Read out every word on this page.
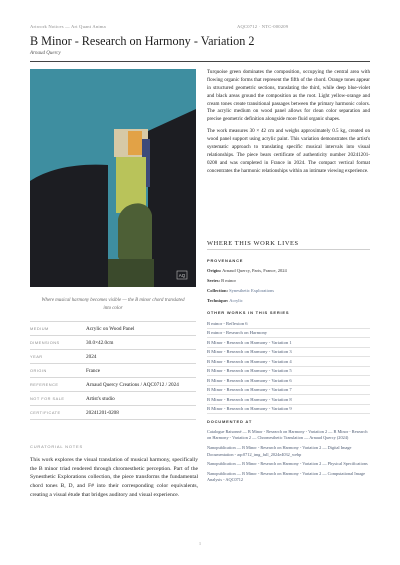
Artwork Notices — Art Quant Anima	AQC0712 · NTC-000209
B Minor - Research on Harmony - Variation 2
Arnaud Quercy
AQ
Where musical harmony becomes visible — the B minor chord translated into color
MEDIUM	Acrylic on Wood Panel
DIMENSIONS	30.0×42.0cm
YEAR	2024
ORIGIN	France
REFERENCE	Arnaud Quercy Creations / AQC0712 / 2024
NOT FOR SALE	Artist's studio
CERTIFICATE	20241201-0208
CURATORIAL NOTES
This work explores the visual translation of musical harmony, specifically the B minor triad rendered through chromesthetic perception. Part of the Synesthetic Explorations collection, the piece transforms the fundamental chord tones B, D, and F# into their corresponding color equivalents, creating a visual étude that bridges auditory and visual experience.

Turquoise green dominates the composition, occupying the central area with flowing organic forms that represent the fifth of the chord. Orange tones appear in structured geometric sections, translating the third, while deep blue-violet and black areas ground the composition as the root. Light yellow-orange and cream tones create transitional passages between the primary harmonic colors. The acrylic medium on wood panel allows for clean color separation and precise geometric definition alongside more fluid organic shapes.

The work measures 30 × 42 cm and weighs approximately 0.5 kg, created on wood panel support using acrylic paint. This variation demonstrates the artist's systematic approach to translating specific musical intervals into visual relationships. The piece bears certificate of authenticity number 20241201-0208 and was completed in France in 2024. The compact vertical format concentrates the harmonic relationships within an intimate viewing experience.

WHERE THIS WORK LIVES
PROVENANCE
Origin: Arnaud Quercy, Paris, France, 2024
Series: B minor
Collection: Synesthetic Explorations
Technique: Acrylic
OTHER WORKS IN THIS SERIES
B minor - Reflexion 6
B minor - Research on Harmony
B Minor - Research on Harmony - Variation 1
B Minor - Research on Harmony - Variation 3
B Minor - Research on Harmony - Variation 4
B Minor - Research on Harmony - Variation 5
B Minor - Research on Harmony - Variation 6
B Minor - Research on Harmony - Variation 7
B Minor - Research on Harmony - Variation 8
B Minor - Research on Harmony - Variation 9
DOCUMENTED AT
Catalogue Raisonné — B Minor - Research on Harmony - Variation 2 — B Minor - Research on Harmony - Variation 2 — Chromesthetic Translation — Arnaud Quercy (2024)
Nanopublication — B Minor - Research on Harmony - Variation 2 — Digital Image Documentation - aqc0712_img_full_2024e4032_webp
Nanopublication — B Minor - Research on Harmony - Variation 2 — Physical Specifications
Nanopublication — B Minor - Research on Harmony - Variation 2 — Computational Image Analysis - AQC0712
1
